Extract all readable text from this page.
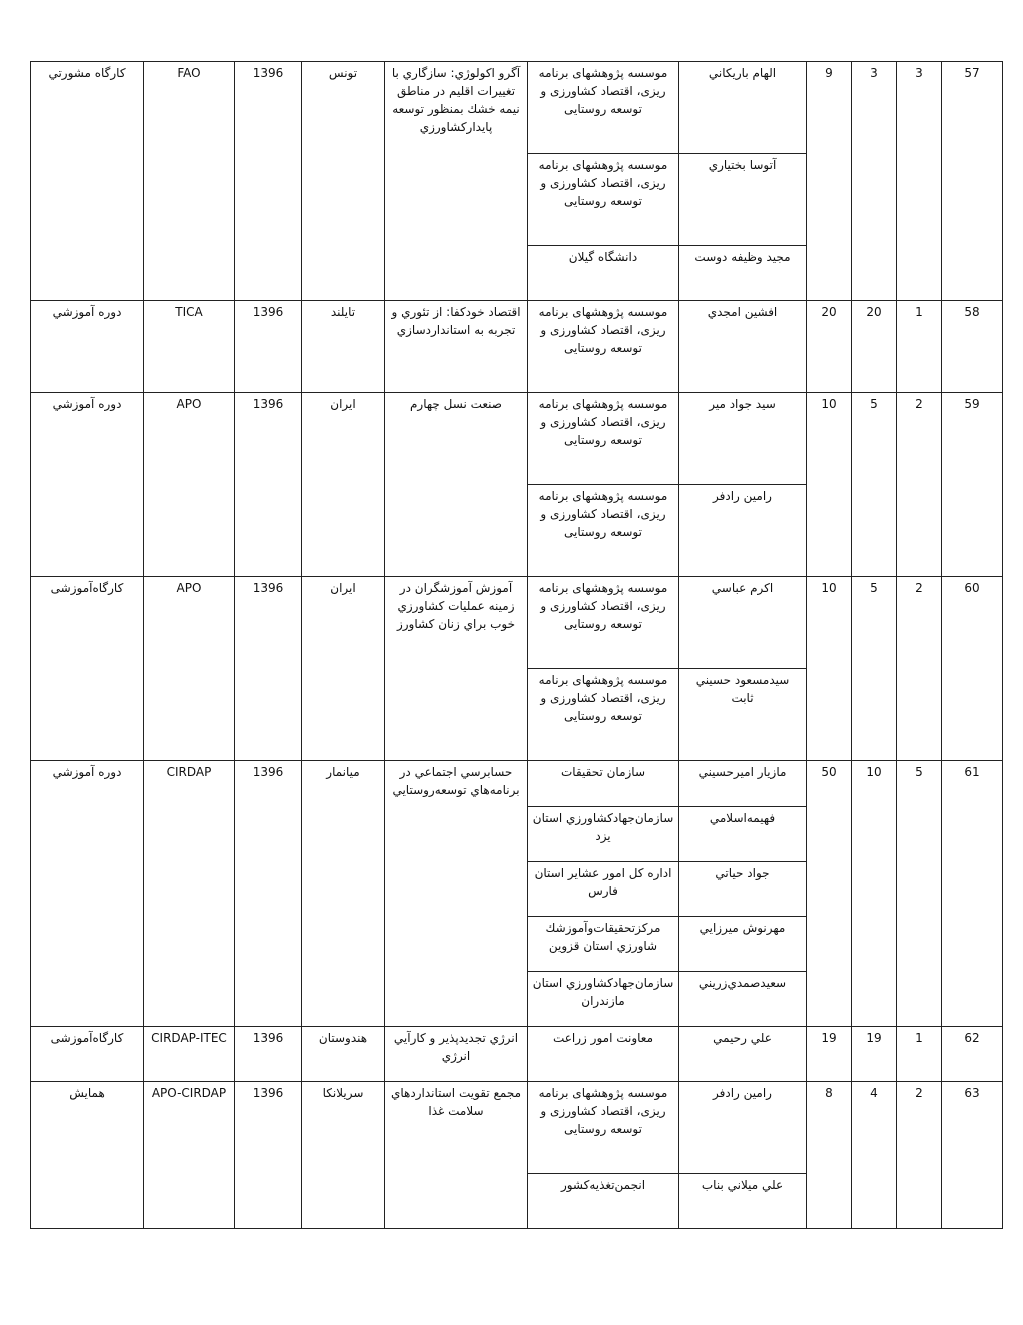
57	3	3	9	الهام باريكاني	موسسه پژوهشهای برنامه ریزی، اقتصاد کشاورزی و توسعه روستایی	آگرو اكولوژي: سازگاري با تغييرات اقليم در مناطق نيمه خشك بمنظور توسعه پايداركشاورزي	تونس	1396	FAO	كارگاه مشورتي
				آتوسا بختياري	موسسه پژوهشهای برنامه ریزی، اقتصاد کشاورزی و توسعه روستایی					
				مجيد وظيفه دوست	دانشگاه گيلان					
58	1	20	20	افشين امجدي	موسسه پژوهشهای برنامه ریزی، اقتصاد کشاورزی و توسعه روستایی	اقتصاد خودكفا: از تئوري و تجربه به استانداردسازي	تايلند	1396	TICA	دوره آموزشي
59	2	5	10	سيد جواد مير	موسسه پژوهشهای برنامه ریزی، اقتصاد کشاورزی و توسعه روستایی	صنعت نسل چهارم	ايران	1396	APO	دوره آموزشي
				رامين رادفر	موسسه پژوهشهای برنامه ریزی، اقتصاد کشاورزی و توسعه روستایی					
60	2	5	10	اكرم عباسي	موسسه پژوهشهای برنامه ریزی، اقتصاد کشاورزی و توسعه روستایی	آموزش آموزشگران در زمينه عمليات كشاورزي خوب براي زنان كشاورز	ايران	1396	APO	كارگاه‌آموزشی
				سيدمسعود حسيني ثابت	موسسه پژوهشهای برنامه ریزی، اقتصاد کشاورزی و توسعه روستایی					
61	5	10	50	مازيار اميرحسيني	سازمان تحقيقات	حسابرسي اجتماعي در برنامه‌هاي توسعه‌روستايي	ميانمار	1396	CIRDAP	دوره آموزشي
				فهيمه‌اسلامي	سازمان‌جهادكشاورزي استان يزد					
				جواد حياتي	اداره كل امور عشاير استان فارس					
				مهرنوش ميرزايي	مركزتحقيقات‌وآموزشك شاورزي استان قزوين					
				سعيدصمدي‌زريني	سازمان‌جهادكشاورزي استان مازندران					
62	1	19	19	علي رحيمي	معاونت امور زراعت	انرژي تجديدپذير و كارآيي انرژي	هندوستان	1396	CIRDAP-ITEC	كارگاه‌آموزشی
63	2	4	8	رامين رادفر	موسسه پژوهشهای برنامه ریزی، اقتصاد کشاورزی و توسعه روستایی	مجمع تقويت استانداردهاي سلامت غذا	سريلانكا	1396	APO-CIRDAP	همايش
				علي ميلاني بناب	انجمن‌تغذيه‌كشور					
